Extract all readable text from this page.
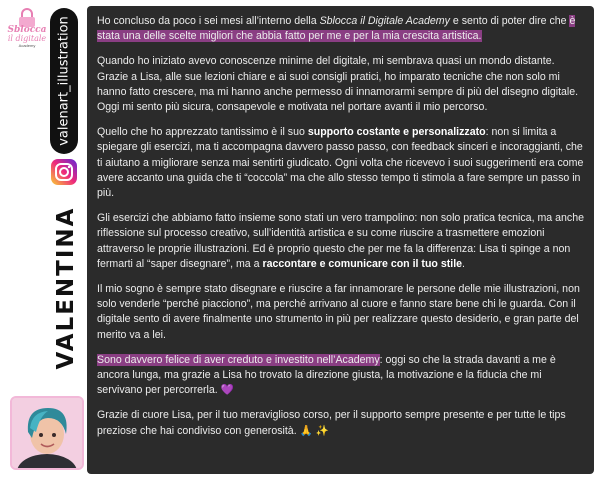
Sblocca
il digitale
Academy	valenart_illustration
VALENTINA

Ho concluso da poco i sei mesi all’interno della Sblocca il Digitale Academy e sento di poter dire che è stata una delle scelte migliori che abbia fatto per me e per la mia crescita artistica.

Quando ho iniziato avevo conoscenze minime del digitale, mi sembrava quasi un mondo distante. Grazie a Lisa, alle sue lezioni chiare e ai suoi consigli pratici, ho imparato tecniche che non solo mi hanno fatto crescere, ma mi hanno anche permesso di innamorarmi sempre di più del disegno digitale. Oggi mi sento più sicura, consapevole e motivata nel portare avanti il mio percorso.

Quello che ho apprezzato tantissimo è il suo supporto costante e personalizzato: non si limita a spiegare gli esercizi, ma ti accompagna davvero passo passo, con feedback sinceri e incoraggianti, che ti aiutano a migliorare senza mai sentirti giudicato. Ogni volta che ricevevo i suoi suggerimenti era come avere accanto una guida che ti “coccola” ma che allo stesso tempo ti stimola a fare sempre un passo in più.

Gli esercizi che abbiamo fatto insieme sono stati un vero trampolino: non solo pratica tecnica, ma anche riflessione sul processo creativo, sull’identità artistica e su come riuscire a trasmettere emozioni attraverso le proprie illustrazioni. Ed è proprio questo che per me fa la differenza: Lisa ti spinge a non fermarti al “saper disegnare”, ma a raccontare e comunicare con il tuo stile.

Il mio sogno è sempre stato disegnare e riuscire a far innamorare le persone delle mie illustrazioni, non solo venderle “perché piacciono”, ma perché arrivano al cuore e fanno stare bene chi le guarda. Con il digitale sento di avere finalmente uno strumento in più per realizzare questo desiderio, e gran parte del merito va a lei.

Sono davvero felice di aver creduto e investito nell’Academy: oggi so che la strada davanti a me è ancora lunga, ma grazie a Lisa ho trovato la direzione giusta, la motivazione e la fiducia che mi servivano per percorrerla. 💜

Grazie di cuore Lisa, per il tuo meraviglioso corso, per il supporto sempre presente e per tutte le tips preziose che hai condiviso con generosità. 🙏 ✨
